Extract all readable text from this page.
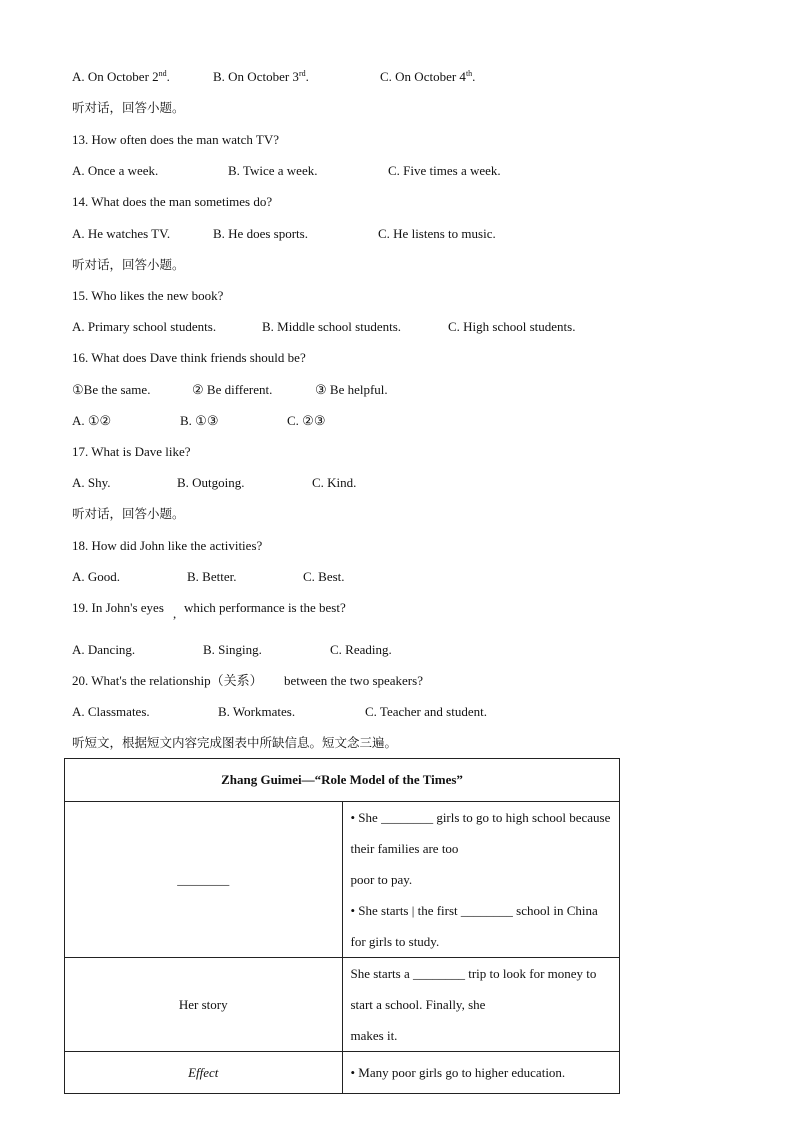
A. On October 2nd.	B. On October 3rd.	C. On October 4th.
听对话，回答小题。
13. How often does the man watch TV?
A. Once a week.	B. Twice a week.	C. Five times a week.
14. What does the man sometimes do?
A. He watches TV.	B. He does sports.	C. He listens to music.
听对话，回答小题。
15. Who likes the new book?
A. Primary school students.	B. Middle school students.	C. High school students.
16. What does Dave think friends should be?
①Be the same.	② Be different.	③ Be helpful.
A. ①②	B. ①③	C. ②③
17. What is Dave like?
A. Shy.	B. Outgoing.	C. Kind.
听对话，回答小题。
18. How did John like the activities?
A. Good.	B. Better.	C. Best.
19. In John's eyes , which performance is the best?
A. Dancing.	B. Singing.	C. Reading.
20. What's the relationship（关系） between the two speakers?
A. Classmates.	B. Workmates.	C. Teacher and student.
听短文，根据短文内容完成图表中所缺信息。短文念三遍。
Zhang Guimei—“Role Model of the Times”	
________	• She ________ girls to go to high school because their families are too
poor to pay.
• She starts | the first ________ school in China for girls to study.

Her story	She starts a ________ trip to look for money to start a school. Finally, she
makes it.

Effect	• Many poor girls go to higher education.
